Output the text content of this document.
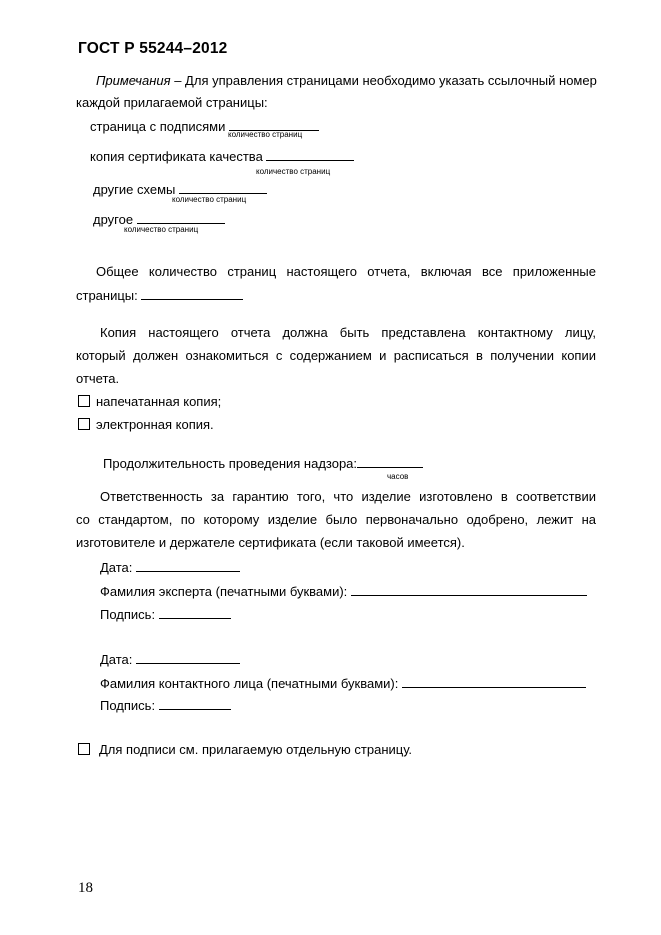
ГОСТ Р 55244–2012
Примечания – Для управления страницами необходимо указать ссылочный номер
каждой прилагаемой страницы:
страница с подписями
количество страниц
копия сертификата качества
количество страниц
другие схемы
количество страниц
другое
количество страниц
Общее количество страниц настоящего отчета, включая все приложенные
страницы:
Копия настоящего отчета должна быть представлена контактному лицу,
который должен ознакомиться с содержанием и расписаться в получении копии
отчета.
напечатанная копия;
электронная копия.
Продолжительность проведения надзора:
часов
Ответственность за гарантию того, что изделие изготовлено в соответствии
со стандартом, по которому изделие было первоначально одобрено, лежит на
изготовителе и держателе сертификата (если таковой имеется).
Дата:
Фамилия эксперта (печатными буквами):
Подпись:
Дата:
Фамилия контактного лица (печатными буквами):
Подпись:
Для подписи см. прилагаемую отдельную страницу.
18
